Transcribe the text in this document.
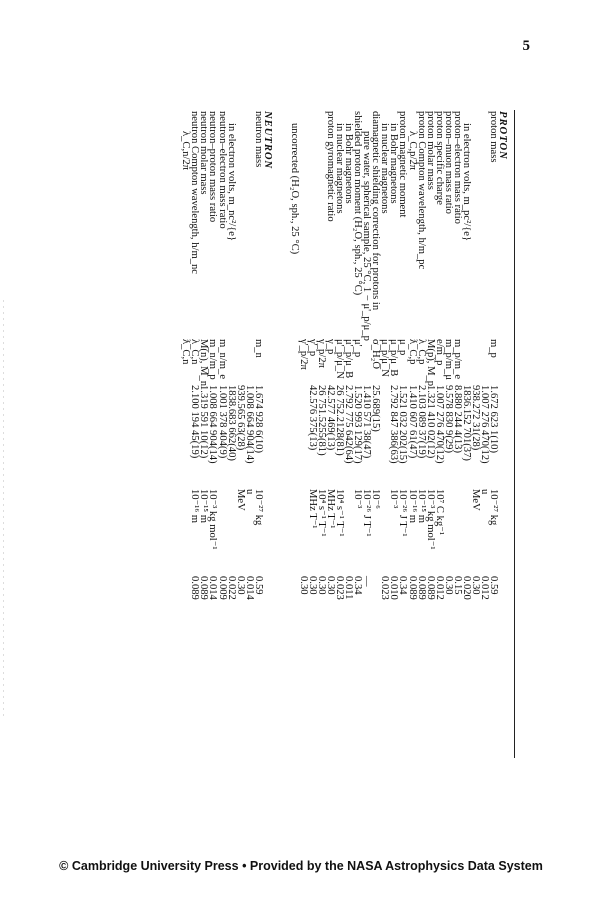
5
PROTON
proton mass
in electron volts, m_pc²/{e}
proton–electron mass ratio
proton–muon mass ratio
proton specific charge
proton molar mass
proton Compton wavelength, h/m_pc
λ_C,p/2π
proton magnetic moment
in Bohr magnetons
in nuclear magnetons
diamagnetic shielding correction for protons in
pure water, spherical sample, 25 °C, 1 − μ'_p/μ_p
shielded proton moment (H₂O, sph., 25 °C)
in Bohr magnetons
in nuclear magnetons
proton gyromagnetic ratio
uncorrected (H₂O, sph., 25 °C)
NEUTRON
neutron mass
in electron volts, m_nc²/{e}
neutron–electron mass ratio
neutron–proton mass ratio
neutron molar mass
neutron Compton wavelength, h/m_nc
λ_C,n/2π
m_p
m_p/m_e
m_p/m_μ
e/m_p
M(p), M_p
λ_C,p
ƛ_C,p
μ_p
μ_p/μ_B
μ_p/μ_N
σ_H₂O
μ'_p
μ'_p/μ_B
μ'_p/μ_N
γ_p
γ_p/2π
γ'_p
γ'_p/2π
m_n
m_n/m_e
m_n/m_p
M(n), M_n
λ_C,n
ƛ_C,n
1.672 623 1(10)
1.007 276 470(12)
938.272 31(28)
1836.152 701(37)
8.880 244 4(13)
9.578 830 9(29)
1.007 276 470(12)
1.321 410 02(12)
2.103 089 37(19)
1.410 607 61(47)
1.521 032 202(15)
2.792 847 386(63)
25.689(15)
1.410 571 38(47)
1.520 993 129(17)
2.792 775 642(64)
26 752.2128(81)
42.577 469(13)
26 751.5255(81)
42.576 375(13)
1.674 928 6(10)
1.008 664 904(14)
939.565 63(28)
1838.683 662(40)
1.001 378 404(9)
1.008 664 904(14)
1.319 591 10(12)
2.100 194 45(19)
10⁻²⁷ kg
u
MeV
10⁷ C kg⁻¹
10⁻³ kg mol⁻¹
10⁻¹⁵ m
10⁻¹⁶ m
10⁻²⁶ J T⁻¹
10⁻³
10⁻⁶
10⁻²⁶ J T⁻¹
10⁻³
10⁴ s⁻¹ T⁻¹
MHz T⁻¹
10⁴ s⁻¹ T⁻¹
MHz T⁻¹
10⁻²⁷ kg
u
MeV
10⁻³ kg mol⁻¹
10⁻¹⁵ m
10⁻¹⁶ m
0.59
0.012
0.30
0.020
0.15
0.30
0.012
0.089
0.089
0.089
0.34
0.010
0.023
—
0.34
0.011
0.023
0.30
0.30
0.30
0.30
0.59
0.014
0.30
0.022
0.009
0.014
0.089
0.089
© Cambridge University Press • Provided by the NASA Astrophysics Data System
